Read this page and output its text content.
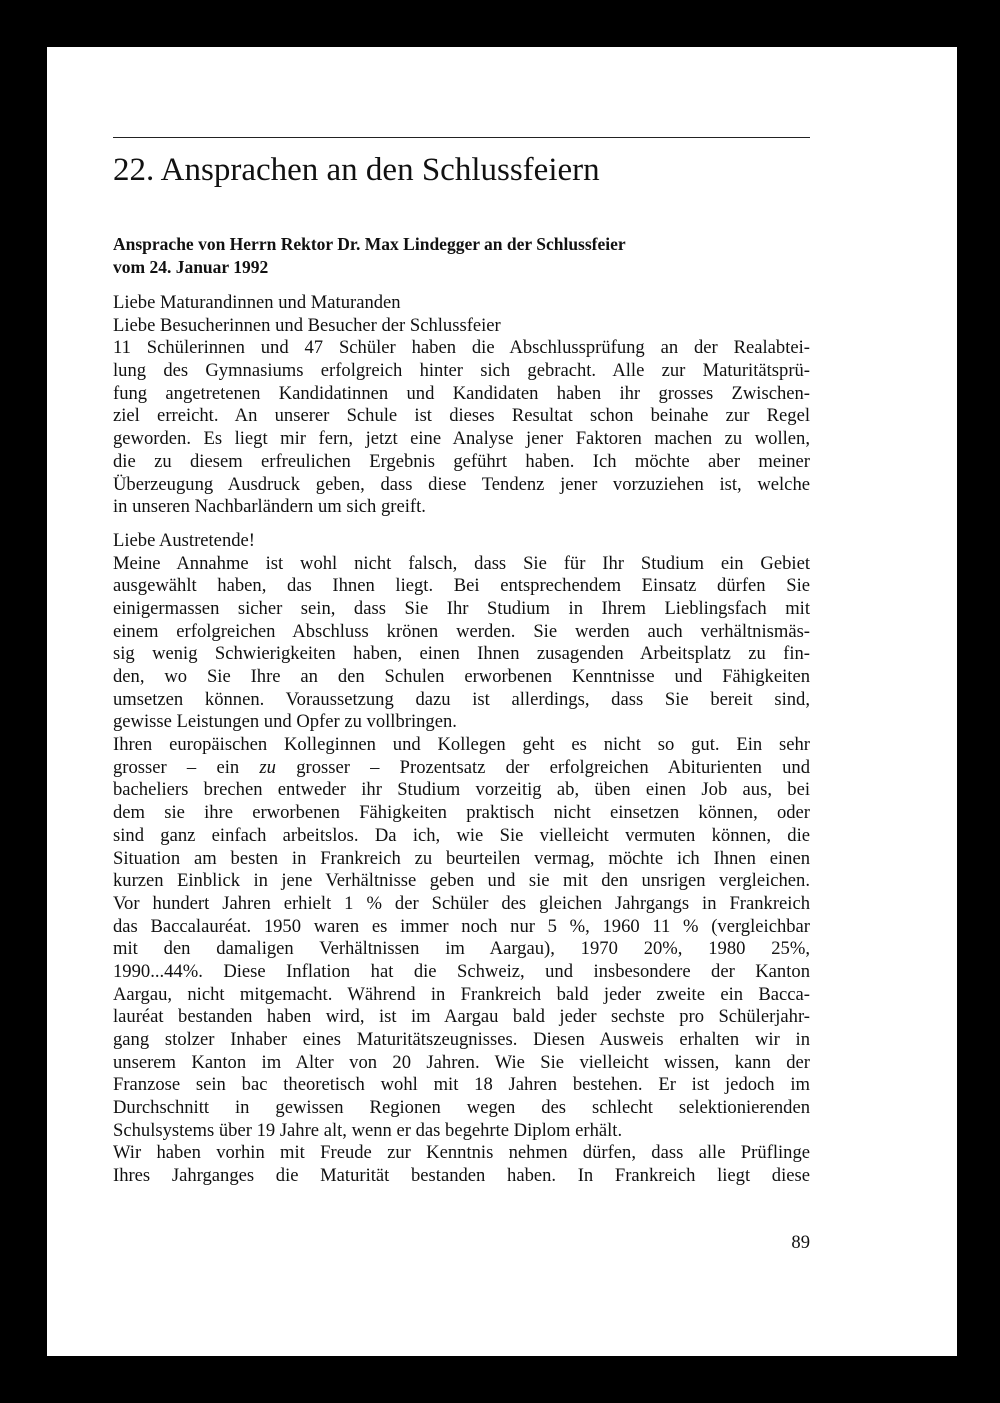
22. Ansprachen an den Schlussfeiern
Ansprache von Herrn Rektor Dr. Max Lindegger an der Schlussfeier
vom 24. Januar 1992
Liebe Maturandinnen und Maturanden
Liebe Besucherinnen und Besucher der Schlussfeier
11 Schülerinnen und 47 Schüler haben die Abschlussprüfung an der Realabtei-
lung des Gymnasiums erfolgreich hinter sich gebracht. Alle zur Maturitätsprü-
fung angetretenen Kandidatinnen und Kandidaten haben ihr grosses Zwischen-
ziel erreicht. An unserer Schule ist dieses Resultat schon beinahe zur Regel
geworden. Es liegt mir fern, jetzt eine Analyse jener Faktoren machen zu wollen,
die zu diesem erfreulichen Ergebnis geführt haben. Ich möchte aber meiner
Überzeugung Ausdruck geben, dass diese Tendenz jener vorzuziehen ist, welche
in unseren Nachbarländern um sich greift.
Liebe Austretende!
Meine Annahme ist wohl nicht falsch, dass Sie für Ihr Studium ein Gebiet
ausgewählt haben, das Ihnen liegt. Bei entsprechendem Einsatz dürfen Sie
einigermassen sicher sein, dass Sie Ihr Studium in Ihrem Lieblingsfach mit
einem erfolgreichen Abschluss krönen werden. Sie werden auch verhältnismäs-
sig wenig Schwierigkeiten haben, einen Ihnen zusagenden Arbeitsplatz zu fin-
den, wo Sie Ihre an den Schulen erworbenen Kenntnisse und Fähigkeiten
umsetzen können. Voraussetzung dazu ist allerdings, dass Sie bereit sind,
gewisse Leistungen und Opfer zu vollbringen.
Ihren europäischen Kolleginnen und Kollegen geht es nicht so gut. Ein sehr
grosser – ein zu grosser – Prozentsatz der erfolgreichen Abiturienten und
bacheliers brechen entweder ihr Studium vorzeitig ab, üben einen Job aus, bei
dem sie ihre erworbenen Fähigkeiten praktisch nicht einsetzen können, oder
sind ganz einfach arbeitslos. Da ich, wie Sie vielleicht vermuten können, die
Situation am besten in Frankreich zu beurteilen vermag, möchte ich Ihnen einen
kurzen Einblick in jene Verhältnisse geben und sie mit den unsrigen vergleichen.
Vor hundert Jahren erhielt 1 % der Schüler des gleichen Jahrgangs in Frankreich
das Baccalauréat. 1950 waren es immer noch nur 5 %, 1960 11 % (vergleichbar
mit den damaligen Verhältnissen im Aargau), 1970 20%, 1980 25%,
1990...44%. Diese Inflation hat die Schweiz, und insbesondere der Kanton
Aargau, nicht mitgemacht. Während in Frankreich bald jeder zweite ein Bacca-
lauréat bestanden haben wird, ist im Aargau bald jeder sechste pro Schülerjahr-
gang stolzer Inhaber eines Maturitätszeugnisses. Diesen Ausweis erhalten wir in
unserem Kanton im Alter von 20 Jahren. Wie Sie vielleicht wissen, kann der
Franzose sein bac theoretisch wohl mit 18 Jahren bestehen. Er ist jedoch im
Durchschnitt in gewissen Regionen wegen des schlecht selektionierenden
Schulsystems über 19 Jahre alt, wenn er das begehrte Diplom erhält.
Wir haben vorhin mit Freude zur Kenntnis nehmen dürfen, dass alle Prüflinge
Ihres Jahrganges die Maturität bestanden haben. In Frankreich liegt diese
89
